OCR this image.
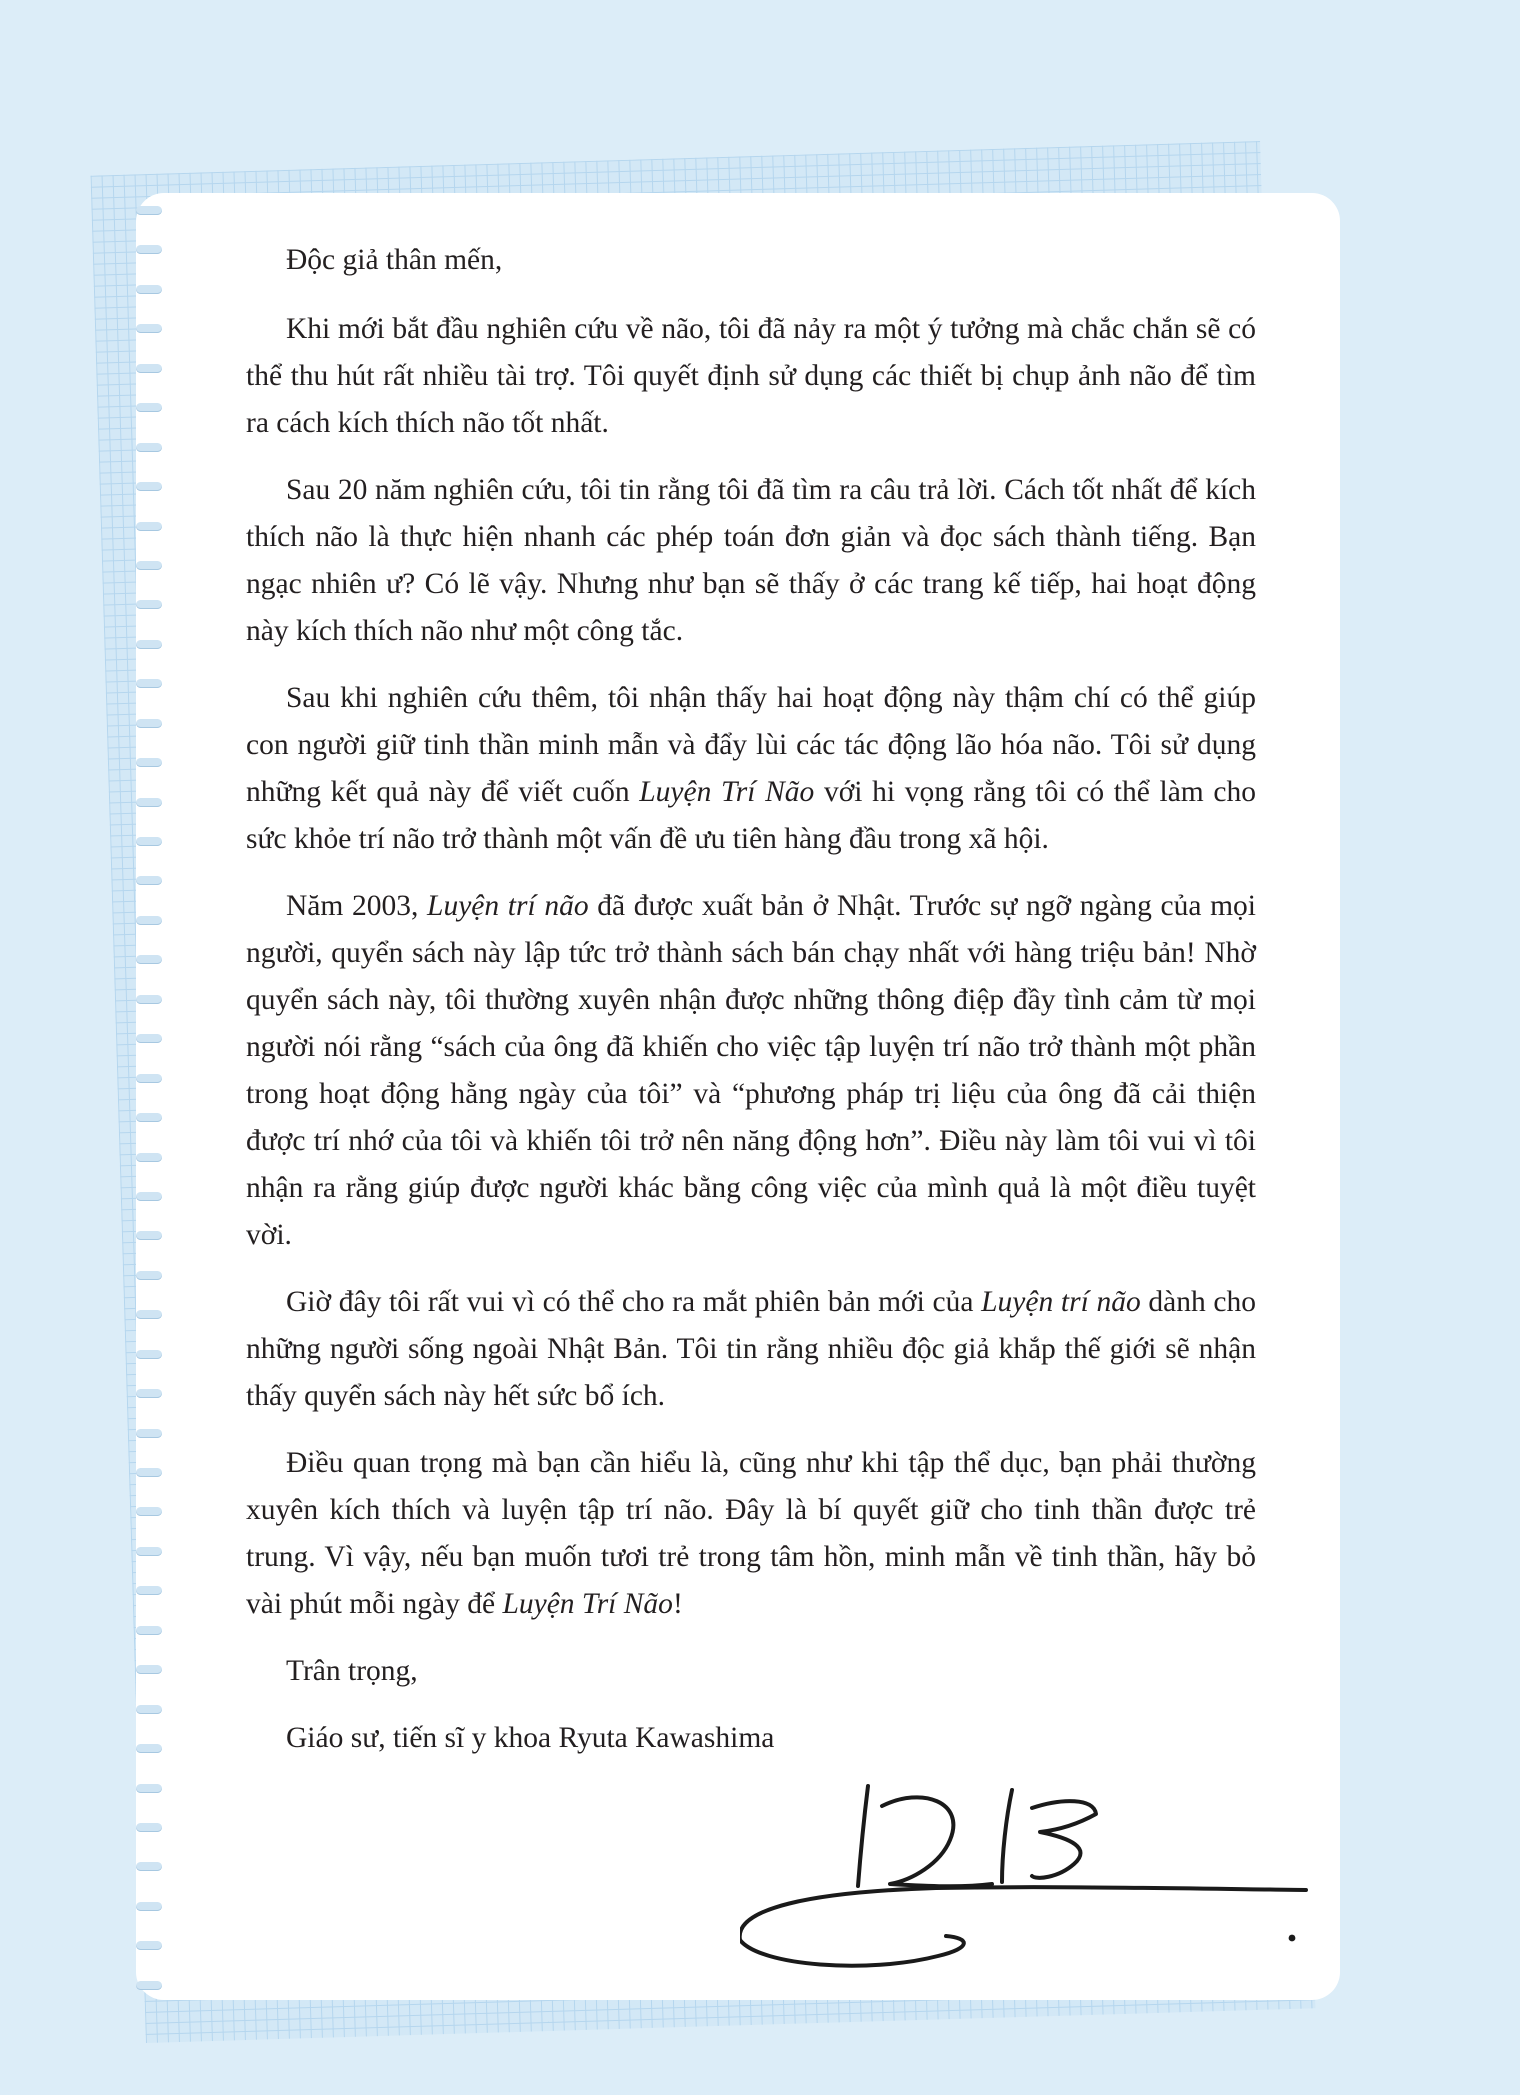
Độc giả thân mến,

Khi mới bắt đầu nghiên cứu về não, tôi đã nảy ra một ý tưởng mà chắc chắn sẽ có thể thu hút rất nhiều tài trợ. Tôi quyết định sử dụng các thiết bị chụp ảnh não để tìm ra cách kích thích não tốt nhất.

Sau 20 năm nghiên cứu, tôi tin rằng tôi đã tìm ra câu trả lời. Cách tốt nhất để kích thích não là thực hiện nhanh các phép toán đơn giản và đọc sách thành tiếng. Bạn ngạc nhiên ư? Có lẽ vậy. Nhưng như bạn sẽ thấy ở các trang kế tiếp, hai hoạt động này kích thích não như một công tắc.

Sau khi nghiên cứu thêm, tôi nhận thấy hai hoạt động này thậm chí có thể giúp con người giữ tinh thần minh mẫn và đẩy lùi các tác động lão hóa não. Tôi sử dụng những kết quả này để viết cuốn Luyện Trí Não với hi vọng rằng tôi có thể làm cho sức khỏe trí não trở thành một vấn đề ưu tiên hàng đầu trong xã hội.

Năm 2003, Luyện trí não đã được xuất bản ở Nhật. Trước sự ngỡ ngàng của mọi người, quyển sách này lập tức trở thành sách bán chạy nhất với hàng triệu bản! Nhờ quyển sách này, tôi thường xuyên nhận được những thông điệp đầy tình cảm từ mọi người nói rằng “sách của ông đã khiến cho việc tập luyện trí não trở thành một phần trong hoạt động hằng ngày của tôi” và “phương pháp trị liệu của ông đã cải thiện được trí nhớ của tôi và khiến tôi trở nên năng động hơn”. Điều này làm tôi vui vì tôi nhận ra rằng giúp được người khác bằng công việc của mình quả là một điều tuyệt vời.

Giờ đây tôi rất vui vì có thể cho ra mắt phiên bản mới của Luyện trí não dành cho những người sống ngoài Nhật Bản. Tôi tin rằng nhiều độc giả khắp thế giới sẽ nhận thấy quyển sách này hết sức bổ ích.

Điều quan trọng mà bạn cần hiểu là, cũng như khi tập thể dục, bạn phải thường xuyên kích thích và luyện tập trí não. Đây là bí quyết giữ cho tinh thần được trẻ trung. Vì vậy, nếu bạn muốn tươi trẻ trong tâm hồn, minh mẫn về tinh thần, hãy bỏ vài phút mỗi ngày để Luyện Trí Não!

Trân trọng,

Giáo sư, tiến sĩ y khoa Ryuta Kawashima
